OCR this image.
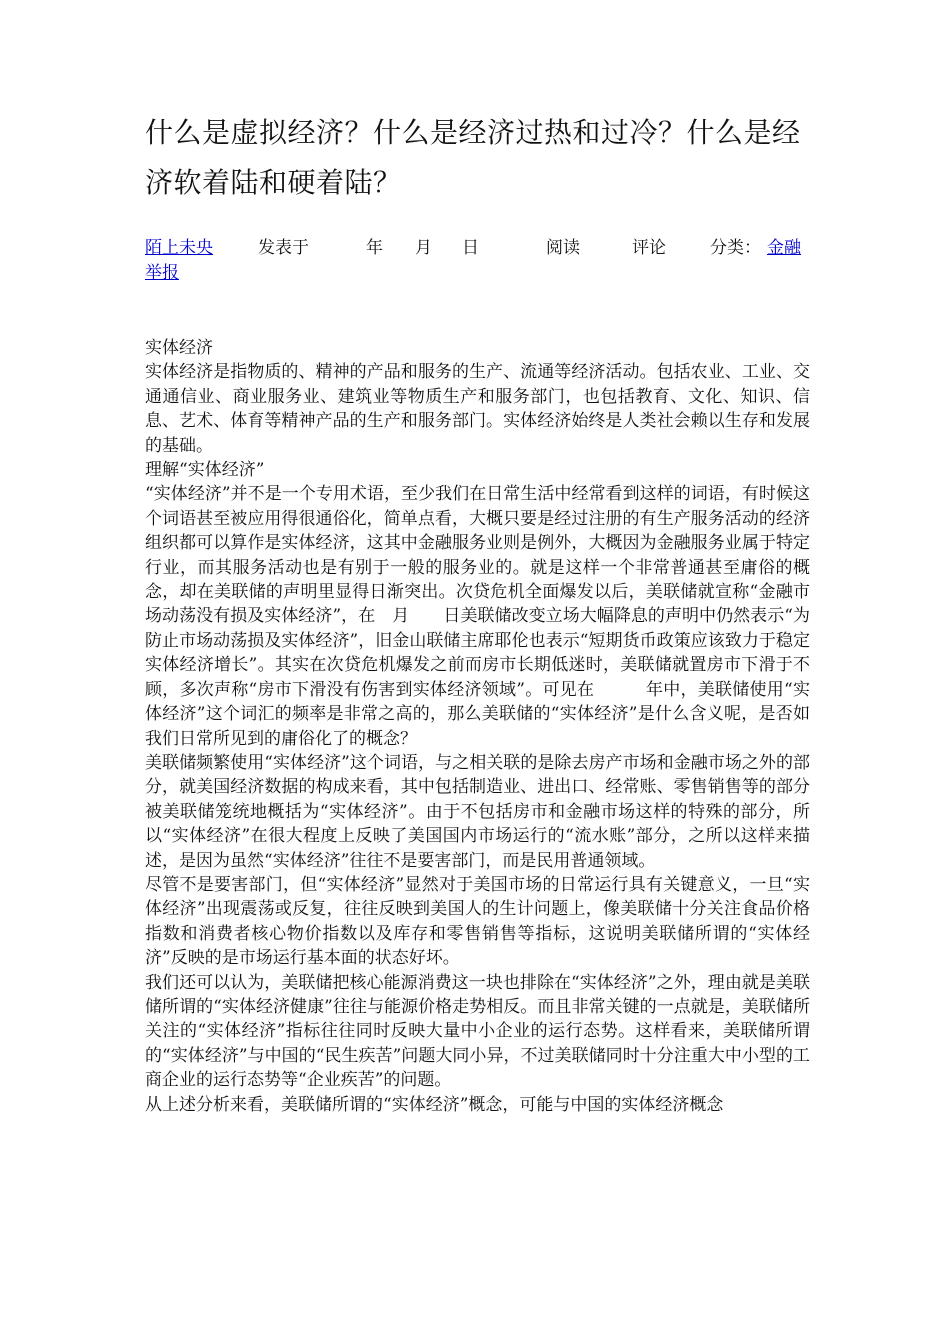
什么是虚拟经济？什么是经济过热和过冷？什么是经济软着陆和硬着陆？
陌上未央	发表于	年 月 日	阅读	评论	分类： 金融
举报

实体经济

实体经济是指物质的、精神的产品和服务的生产、流通等经济活动。包括农业、工业、交通通信业、商业服务业、建筑业等物质生产和服务部门，也包括教育、文化、知识、信息、艺术、体育等精神产品的生产和服务部门。实体经济始终是人类社会赖以生存和发展的基础。

理解“实体经济”

“实体经济”并不是一个专用术语，至少我们在日常生活中经常看到这样的词语，有时候这个词语甚至被应用得很通俗化，简单点看，大概只要是经过注册的有生产服务活动的经济组织都可以算作是实体经济，这其中金融服务业则是例外，大概因为金融服务业属于特定行业，而其服务活动也是有别于一般的服务业的。就是这样一个非常普通甚至庸俗的概念，却在美联储的声明里显得日渐突出。次贷危机全面爆发以后，美联储就宣称“金融市场动荡没有损及实体经济”，在　月　　日美联储改变立场大幅降息的声明中仍然表示“为防止市场动荡损及实体经济”，旧金山联储主席耶伦也表示“短期货币政策应该致力于稳定实体经济增长”。其实在次贷危机爆发之前而房市长期低迷时，美联储就置房市下滑于不顾，多次声称“房市下滑没有伤害到实体经济领域”。可见在　　　年中，美联储使用“实体经济”这个词汇的频率是非常之高的，那么美联储的“实体经济”是什么含义呢，是否如我们日常所见到的庸俗化了的概念？

美联储频繁使用“实体经济”这个词语，与之相关联的是除去房产市场和金融市场之外的部分，就美国经济数据的构成来看，其中包括制造业、进出口、经常账、零售销售等的部分被美联储笼统地概括为“实体经济”。由于不包括房市和金融市场这样的特殊的部分，所以“实体经济”在很大程度上反映了美国国内市场运行的“流水账”部分，之所以这样来描述，是因为虽然“实体经济”往往不是要害部门，而是民用普通领域。

尽管不是要害部门，但“实体经济”显然对于美国市场的日常运行具有关键意义，一旦“实体经济”出现震荡或反复，往往反映到美国人的生计问题上，像美联储十分关注食品价格指数和消费者核心物价指数以及库存和零售销售等指标，这说明美联储所谓的“实体经济”反映的是市场运行基本面的状态好坏。

我们还可以认为，美联储把核心能源消费这一块也排除在“实体经济”之外，理由就是美联储所谓的“实体经济健康”往往与能源价格走势相反。而且非常关键的一点就是，美联储所关注的“实体经济”指标往往同时反映大量中小企业的运行态势。这样看来，美联储所谓的“实体经济”与中国的“民生疾苦”问题大同小异，不过美联储同时十分注重大中小型的工商企业的运行态势等“企业疾苦”的问题。

从上述分析来看，美联储所谓的“实体经济”概念，可能与中国的实体经济概念
